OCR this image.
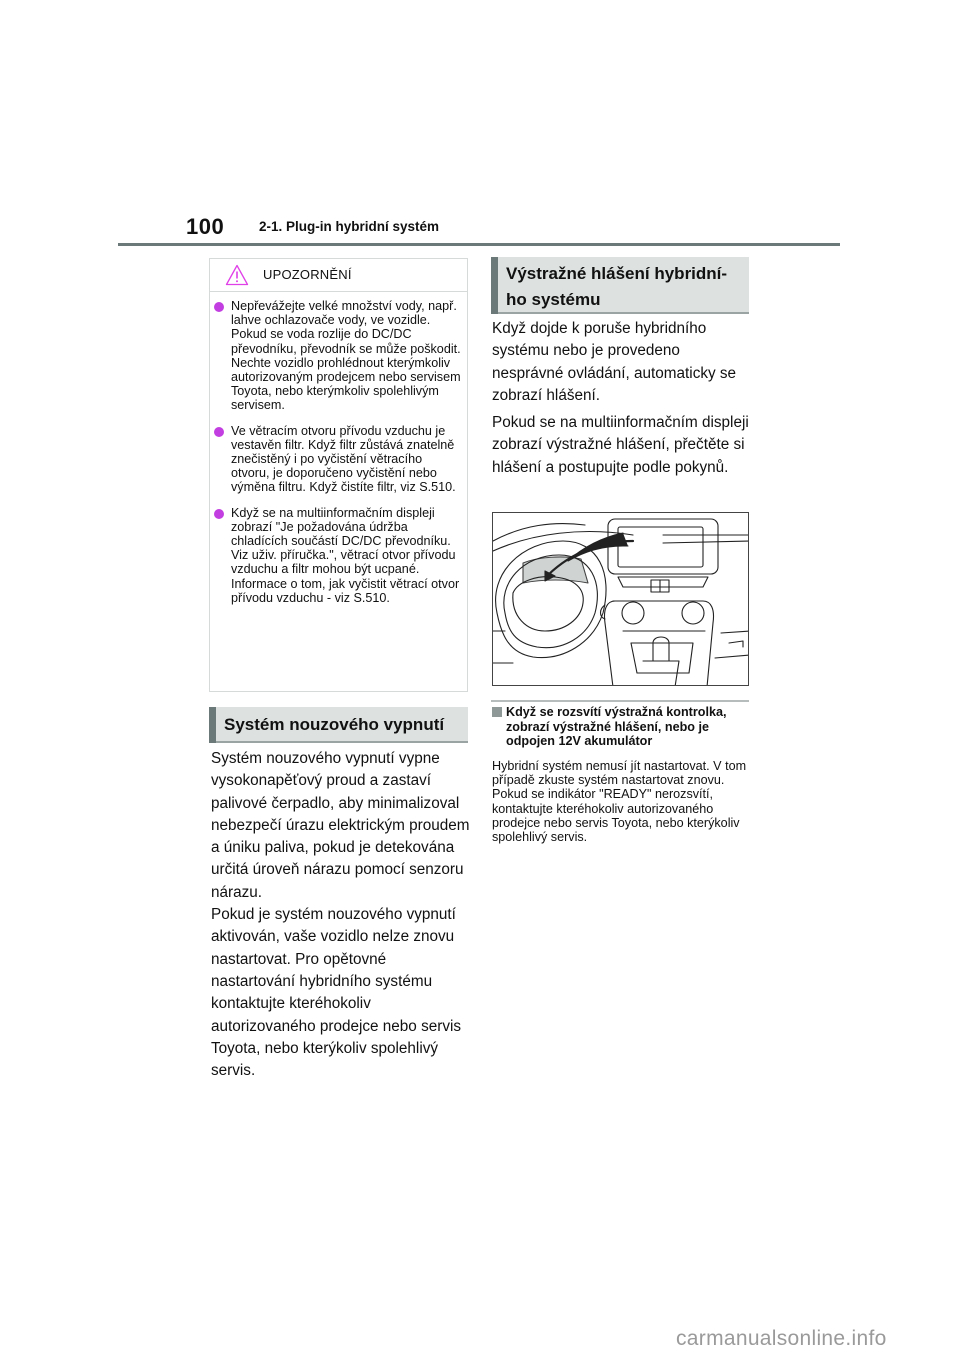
100	2-1. Plug-in hybridní systém
UPOZORNĚNÍ
Nepřevážejte velké množství vody, např. lahve ochlazovače vody, ve vozidle. Pokud se voda rozlije do DC/DC převodníku, převodník se může poškodit. Nechte vozidlo prohlédnout kterýmkoliv autorizovaným prodejcem nebo servisem Toyota, nebo kterýmkoliv spolehlivým servisem.
Ve větracím otvoru přívodu vzduchu je vestavěn filtr. Když filtr zůstává znatelně znečistěný i po vyčistění větracího otvoru, je doporučeno vyčistění nebo výměna filtru. Když čistíte filtr, viz S.510.
Když se na multiinformačním displeji zobrazí "Je požadována údržba chladících součástí DC/DC převodníku. Viz uživ. příručka.", větrací otvor přívodu vzduchu a filtr mohou být ucpané. Informace o tom, jak vyčistit větrací otvor přívodu vzduchu - viz S.510.
Systém nouzového vypnutí

Systém nouzového vypnutí vypne vysokonapěťový proud a zastaví palivové čerpadlo, aby minimalizoval nebezpečí úrazu elektrickým proudem a úniku paliva, pokud je detekována určitá úroveň nárazu pomocí senzoru nárazu.

Pokud je systém nouzového vypnutí aktivován, vaše vozidlo nelze znovu nastartovat. Pro opětovné nastartování hybridního systému kontaktujte kteréhokoliv autorizovaného prodejce nebo servis Toyota, nebo kterýkoliv spolehlivý servis.

Výstražné hlášení hybridní-
ho systému
Když dojde k poruše hybridního systému nebo je provedeno nesprávné ovládání, automaticky se zobrazí hlášení.
Pokud se na multiinformačním displeji zobrazí výstražné hlášení, přečtěte si hlášení a postupujte podle pokynů.
Když se rozsvítí výstražná kontrolka, zobrazí výstražné hlášení, nebo je odpojen 12V akumulátor
Hybridní systém nemusí jít nastartovat. V tom případě zkuste systém nastartovat znovu. Pokud se indikátor "READY" nerozsvítí, kontaktujte kteréhokoliv autorizovaného prodejce nebo servis Toyota, nebo kterýkoliv spolehlivý servis.
carmanualsonline.info
